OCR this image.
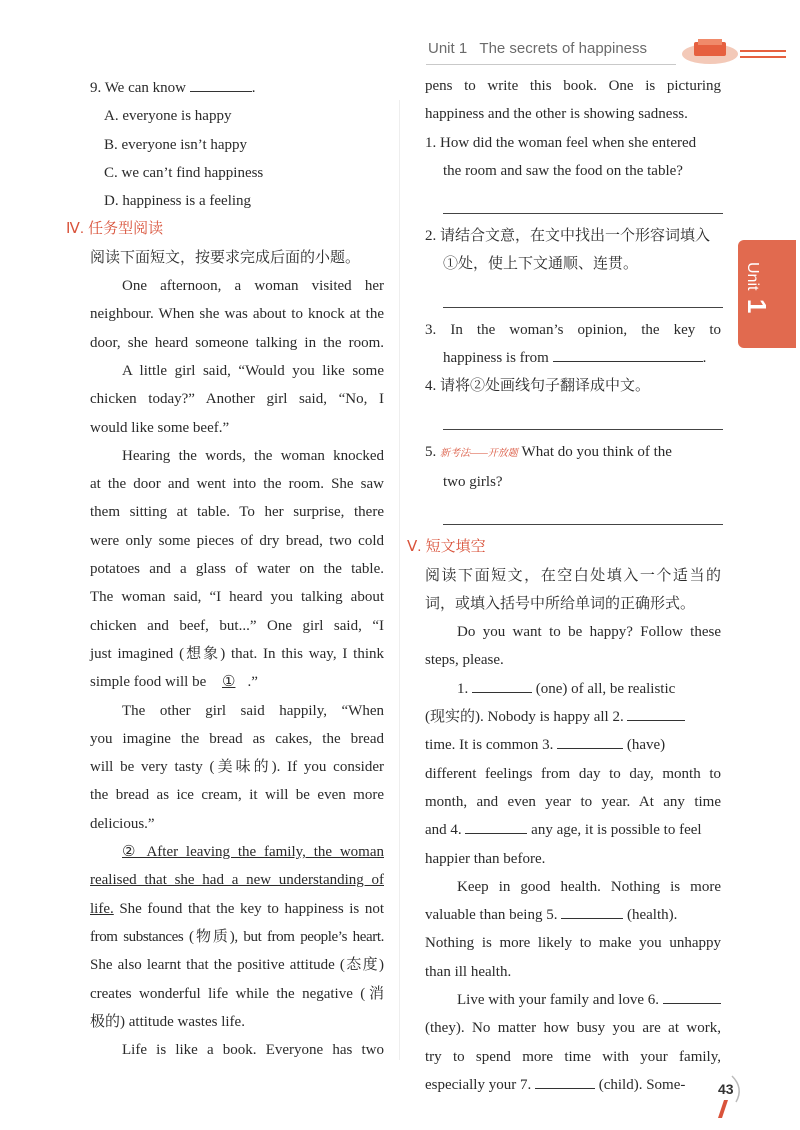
Unit 1 The secrets of happiness
Unit 1

9. We can know	.

A. everyone is happy

B. everyone isn’t happy

C. we can’t find happiness

D. happiness is a feeling

Ⅳ. 任务型阅读

阅读下面短文，按要求完成后面的小题。

One afternoon, a woman visited her

neighbour. When she was about to knock at the

door, she heard someone talking in the room.

A little girl said, “Would you like some

chicken today?” Another girl said, “No, I

would like some beef.”

Hearing the words, the woman knocked

at the door and went into the room. She saw

them sitting at table. To her surprise, there

were only some pieces of dry bread, two cold

potatoes and a glass of water on the table.

The woman said, “I heard you talking about

chicken and beef, but...” One girl said, “I

just imagined (想象) that. In this way, I think

simple food will be ① .”

The other girl said happily, “When

you imagine the bread as cakes, the bread

will be very tasty (美味的). If you consider

the bread as ice cream, it will be even more

delicious.”

② After leaving the family, the woman

realised that she had a new understanding of

life. She found that the key to happiness is not

from substances (物质), but from people’s heart.

She also learnt that the positive attitude (态度)

creates wonderful life while the negative (消

极的) attitude wastes life.

Life is like a book. Everyone has two

pens to write this book. One is picturing

happiness and the other is showing sadness.

1. How did the woman feel when she entered

the room and saw the food on the table?

2. 请结合文意，在文中找出一个形容词填入

①处，使上下文通顺、连贯。

3. In the woman’s opinion, the key to

happiness is from	.

4. 请将②处画线句子翻译成中文。

5. 新考法——开放题 What do you think of the

two girls?

Ⅴ. 短文填空

阅读下面短文，在空白处填入一个适当的

词，或填入括号中所给单词的正确形式。

Do you want to be happy? Follow these

steps, please.

1.	(one) of all, be realistic

(现实的). Nobody is happy all 2.

time. It is common 3.	(have)

different feelings from day to day, month to

month, and even year to year. At any time

and 4.	any age, it is possible to feel

happier than before.

Keep in good health. Nothing is more

valuable than being 5.	(health).

Nothing is more likely to make you unhappy

than ill health.

Live with your family and love 6.

(they). No matter how busy you are at work,

try to spend more time with your family,

especially your 7.	(child). Some-	43
